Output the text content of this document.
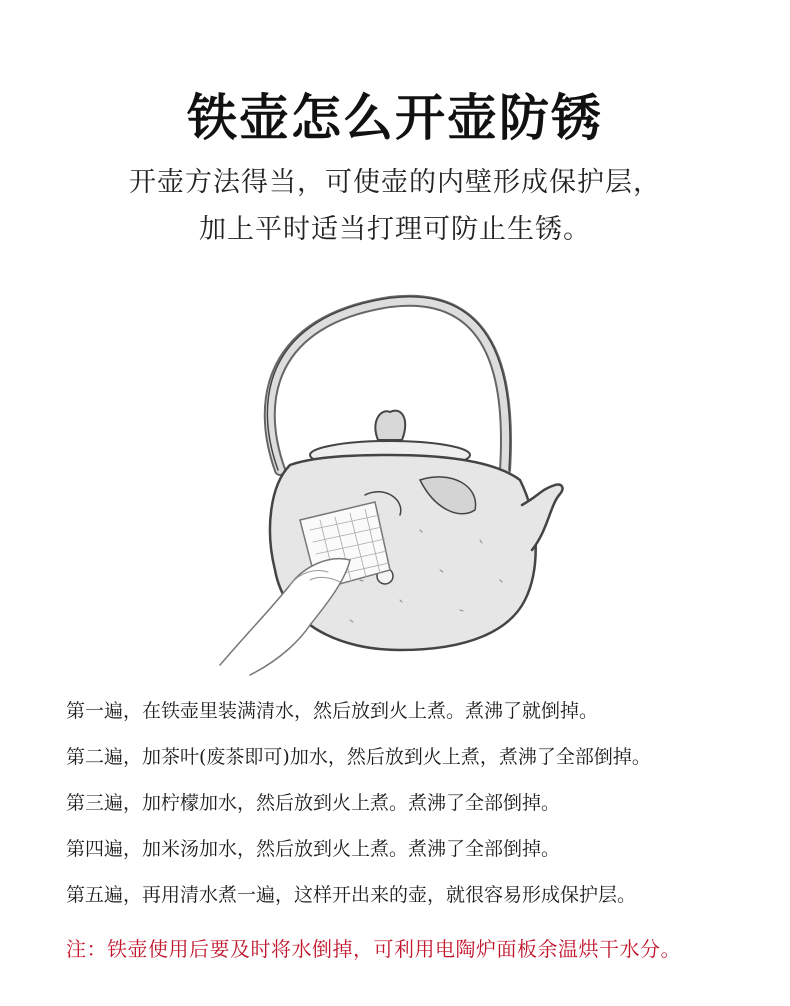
铁壶怎么开壶防锈
开壶方法得当，可使壶的内壁形成保护层，
加上平时适当打理可防止生锈。
第一遍，在铁壶里装满清水，然后放到火上煮。煮沸了就倒掉。
第二遍，加茶叶(废茶即可)加水，然后放到火上煮，煮沸了全部倒掉。
第三遍，加柠檬加水，然后放到火上煮。煮沸了全部倒掉。
第四遍，加米汤加水，然后放到火上煮。煮沸了全部倒掉。
第五遍，再用清水煮一遍，这样开出来的壶，就很容易形成保护层。
注：铁壶使用后要及时将水倒掉，可利用电陶炉面板余温烘干水分。
